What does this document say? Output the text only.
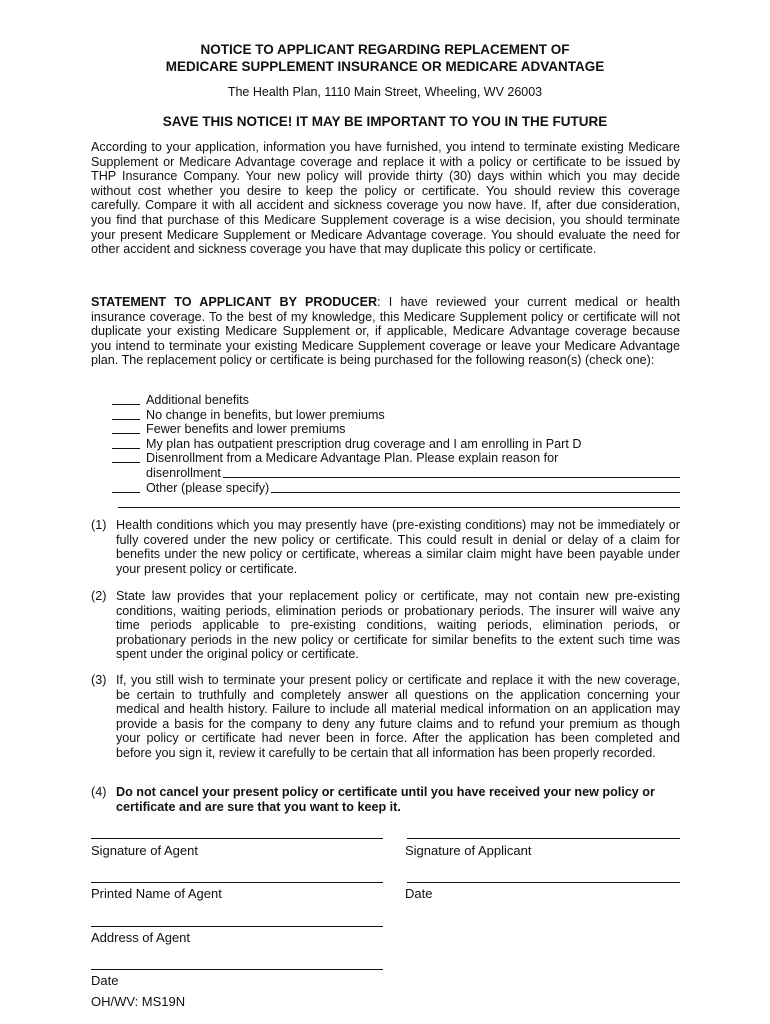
NOTICE TO APPLICANT REGARDING REPLACEMENT OF
MEDICARE SUPPLEMENT INSURANCE OR MEDICARE ADVANTAGE
The Health Plan, 1110 Main Street, Wheeling, WV 26003
SAVE THIS NOTICE! IT MAY BE IMPORTANT TO YOU IN THE FUTURE
According to your application, information you have furnished, you intend to terminate existing Medicare Supplement or Medicare Advantage coverage and replace it with a policy or certificate to be issued by THP Insurance Company. Your new policy will provide thirty (30) days within which you may decide without cost whether you desire to keep the policy or certificate. You should review this coverage carefully. Compare it with all accident and sickness coverage you now have. If, after due consideration, you find that purchase of this Medicare Supplement coverage is a wise decision, you should terminate your present Medicare Supplement or Medicare Advantage coverage. You should evaluate the need for other accident and sickness coverage you have that may duplicate this policy or certificate.
STATEMENT TO APPLICANT BY PRODUCER: I have reviewed your current medical or health insurance coverage. To the best of my knowledge, this Medicare Supplement policy or certificate will not duplicate your existing Medicare Supplement or, if applicable, Medicare Advantage coverage because you intend to terminate your existing Medicare Supplement coverage or leave your Medicare Advantage plan. The replacement policy or certificate is being purchased for the following reason(s) (check one):
Additional benefits
No change in benefits, but lower premiums
Fewer benefits and lower premiums
My plan has outpatient prescription drug coverage and I am enrolling in Part D
Disenrollment from a Medicare Advantage Plan. Please explain reason for
disenrollment
Other (please specify)
(1) Health conditions which you may presently have (pre-existing conditions) may not be immediately or fully covered under the new policy or certificate. This could result in denial or delay of a claim for benefits under the new policy or certificate, whereas a similar claim might have been payable under your present policy or certificate.
(2) State law provides that your replacement policy or certificate, may not contain new pre-existing conditions, waiting periods, elimination periods or probationary periods. The insurer will waive any time periods applicable to pre-existing conditions, waiting periods, elimination periods, or probationary periods in the new policy or certificate for similar benefits to the extent such time was spent under the original policy or certificate.
(3) If, you still wish to terminate your present policy or certificate and replace it with the new coverage, be certain to truthfully and completely answer all questions on the application concerning your medical and health history. Failure to include all material medical information on an application may provide a basis for the company to deny any future claims and to refund your premium as though your policy or certificate had never been in force. After the application has been completed and before you sign it, review it carefully to be certain that all information has been properly recorded.
(4) Do not cancel your present policy or certificate until you have received your new policy or certificate and are sure that you want to keep it.
Signature of Agent	Signature of Applicant
Printed Name of Agent	Date
Address of Agent
Date
OH/WV: MS19N
